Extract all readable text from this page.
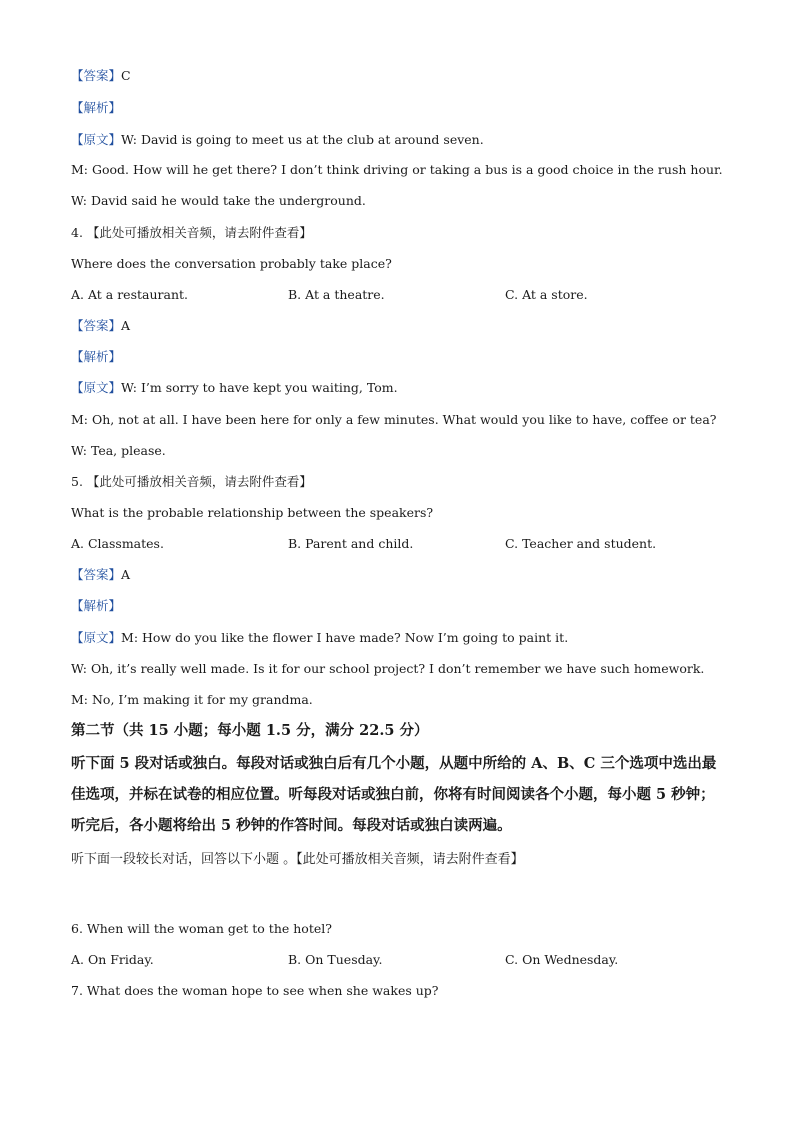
【答案】C
【解析】
【原文】W: David is going to meet us at the club at around seven.
M: Good. How will he get there? I don’t think driving or taking a bus is a good choice in the rush hour.
W: David said he would take the underground.
4. 【此处可播放相关音频，请去附件查看】
Where does the conversation probably take place?
A. At a restaurant.	B. At a theatre.	C. At a store.
【答案】A
【解析】
【原文】W: I’m sorry to have kept you waiting, Tom.
M: Oh, not at all. I have been here for only a few minutes. What would you like to have, coffee or tea?
W: Tea, please.
5. 【此处可播放相关音频，请去附件查看】
What is the probable relationship between the speakers?
A. Classmates.	B. Parent and child.	C. Teacher and student.
【答案】A
【解析】
【原文】M: How do you like the flower I have made? Now I’m going to paint it.
W: Oh, it’s really well made. Is it for our school project? I don’t remember we have such homework.
M: No, I’m making it for my grandma.
第二节（共 15 小题；每小题 1.5 分，满分 22.5 分）
听下面 5 段对话或独白。每段对话或独白后有几个小题，从题中所给的 A、B、C 三个选项中选出最佳选项，并标在试卷的相应位置。听每段对话或独白前，你将有时间阅读各个小题，每小题 5 秒钟；听完后，各小题将给出 5 秒钟的作答时间。每段对话或独白读两遍。
听下面一段较长对话，回答以下小题 。【此处可播放相关音频，请去附件查看】
6. When will the woman get to the hotel?
A. On Friday.	B. On Tuesday.	C. On Wednesday.
7. What does the woman hope to see when she wakes up?
